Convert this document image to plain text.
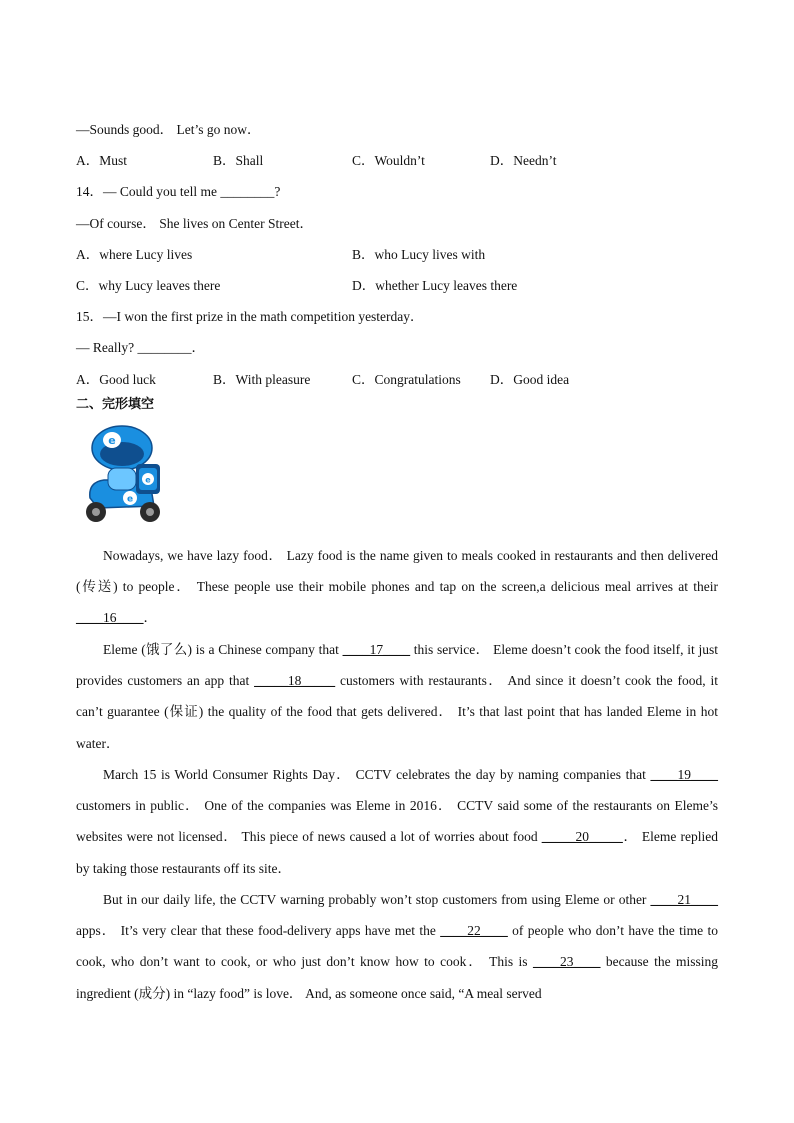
—Sounds good． Let’s go now．
A．Must	B．Shall	C．Wouldn’t	D．Needn’t
14．— Could you tell me ________?
—Of course． She lives on Center Street．
A．where Lucy lives	B．who Lucy lives with
C．why Lucy leaves there	D．whether Lucy leaves there
15．—I won the first prize in the math competition yesterday．
— Really? ________．
A．Good luck	B．With pleasure	C．Congratulations D．Good idea
二、完形填空
e
e
e

Nowadays, we have lazy food． Lazy food is the name given to meals cooked in restaurants and then delivered (传送) to people． These people use their mobile phones and tap on the screen,a delicious meal arrives at their ____16____．

Eleme (饿了么) is a Chinese company that ____17____ this service． Eleme doesn’t cook the food itself, it just provides customers an app that _____18_____ customers with restaurants． And since it doesn’t cook the food, it can’t guarantee (保证) the quality of the food that gets delivered． It’s that last point that has landed Eleme in hot water．

March 15 is World Consumer Rights Day． CCTV celebrates the day by naming companies that ____19____ customers in public． One of the companies was Eleme in 2016． CCTV said some of the restaurants on Eleme’s websites were not licensed． This piece of news caused a lot of worries about food _____20_____． Eleme replied by taking those restaurants off its site．

But in our daily life, the CCTV warning probably won’t stop customers from using Eleme or other ____21____ apps． It’s very clear that these food-delivery apps have met the ____22____ of people who don’t have the time to cook, who don’t want to cook, or who just don’t know how to cook． This is ____23____ because the missing ingredient (成分) in “lazy food” is love． And, as someone once said, “A meal served
